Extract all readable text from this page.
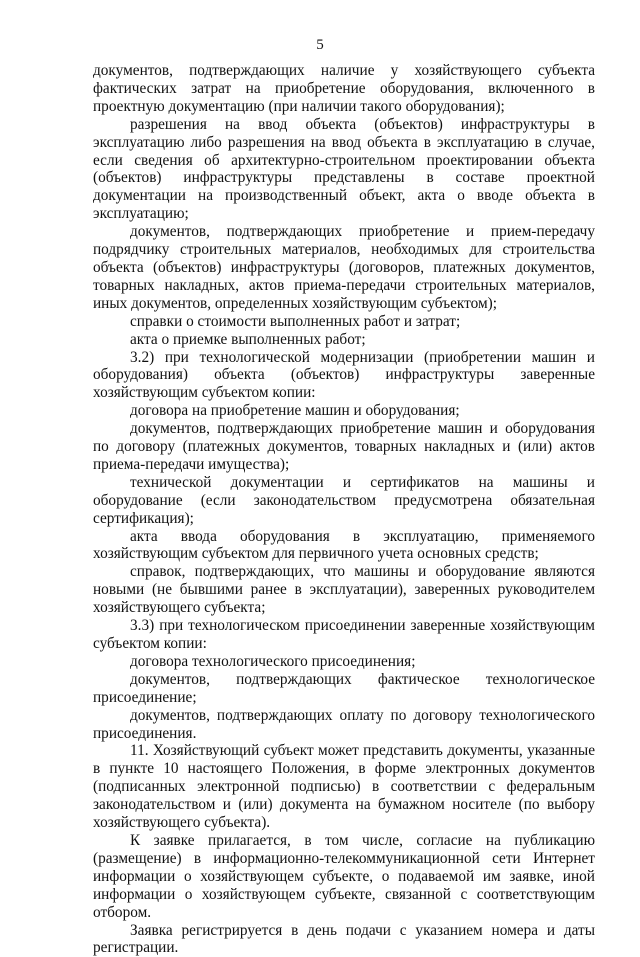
5

документов, подтверждающих наличие у хозяйствующего субъекта фактических затрат на приобретение оборудования, включенного в проектную документацию (при наличии такого оборудования);

разрешения на ввод объекта (объектов) инфраструктуры в эксплуатацию либо разрешения на ввод объекта в эксплуатацию в случае, если сведения об архитектурно-строительном проектировании объекта (объектов) инфраструктуры представлены в составе проектной документации на производственный объект, акта о вводе объекта в эксплуатацию;

документов, подтверждающих приобретение и прием-передачу подрядчику строительных материалов, необходимых для строительства объекта (объектов) инфраструктуры (договоров, платежных документов, товарных накладных, актов приема-передачи строительных материалов, иных документов, определенных хозяйствующим субъектом);

справки о стоимости выполненных работ и затрат;

акта о приемке выполненных работ;

3.2) при технологической модернизации (приобретении машин и оборудования) объекта (объектов) инфраструктуры заверенные хозяйствующим субъектом копии:

договора на приобретение машин и оборудования;

документов, подтверждающих приобретение машин и оборудования по договору (платежных документов, товарных накладных и (или) актов приема-передачи имущества);

технической документации и сертификатов на машины и оборудование (если законодательством предусмотрена обязательная сертификация);

акта ввода оборудования в эксплуатацию, применяемого хозяйствующим субъектом для первичного учета основных средств;

справок, подтверждающих, что машины и оборудование являются новыми (не бывшими ранее в эксплуатации), заверенных руководителем хозяйствующего субъекта;

3.3) при технологическом присоединении заверенные хозяйствующим субъектом копии:

договора технологического присоединения;

документов, подтверждающих фактическое технологическое присоединение;

документов, подтверждающих оплату по договору технологического присоединения.

11. Хозяйствующий субъект может представить документы, указанные в пункте 10 настоящего Положения, в форме электронных документов (подписанных электронной подписью) в соответствии с федеральным законодательством и (или) документа на бумажном носителе (по выбору хозяйствующего субъекта).

К заявке прилагается, в том числе, согласие на публикацию (размещение) в информационно-телекоммуникационной сети Интернет информации о хозяйствующем субъекте, о подаваемой им заявке, иной информации о хозяйствующем субъекте, связанной с соответствующим отбором.

Заявка регистрируется в день подачи с указанием номера и даты регистрации.
